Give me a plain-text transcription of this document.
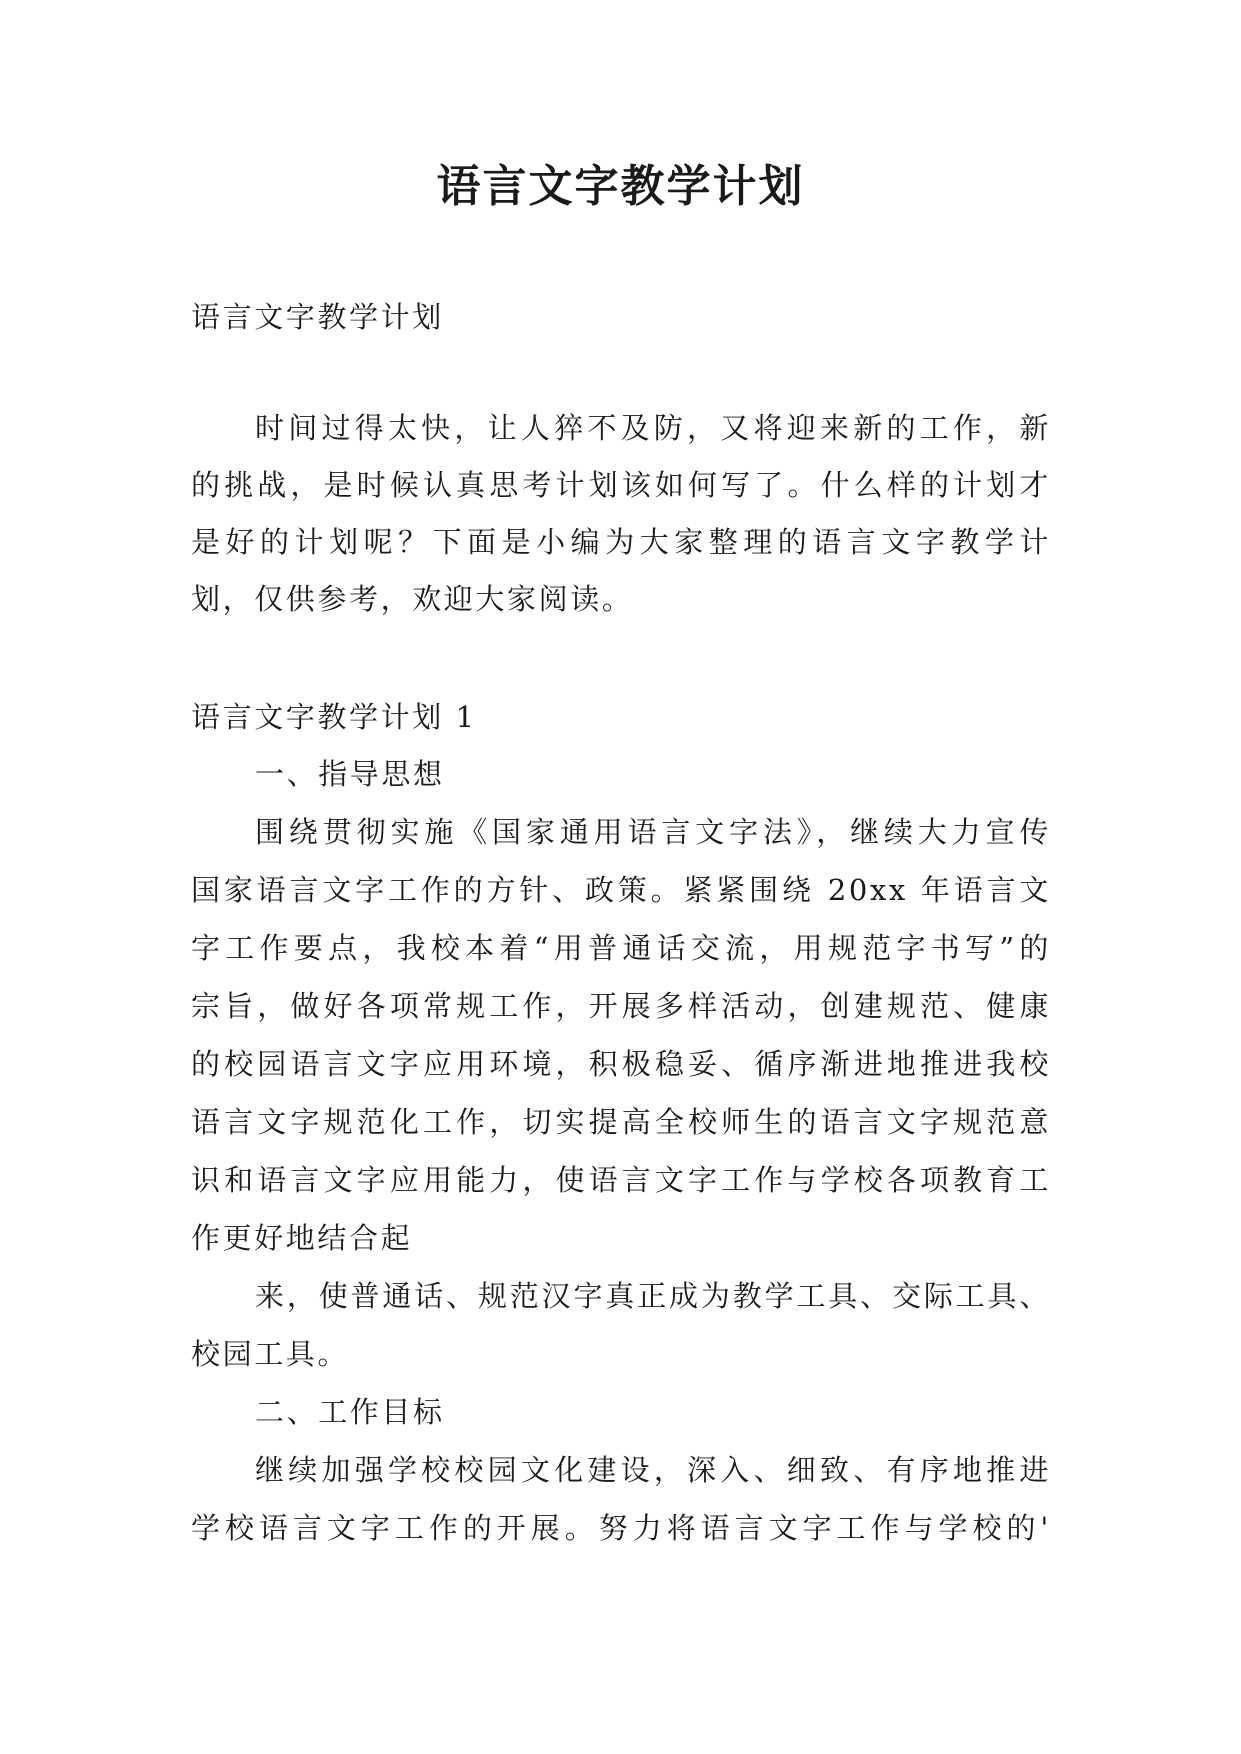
语言文字教学计划
语言文字教学计划
时间过得太快，让人猝不及防，又将迎来新的工作，新
的挑战，是时候认真思考计划该如何写了。什么样的计划才
是好的计划呢？下面是小编为大家整理的语言文字教学计
划，仅供参考，欢迎大家阅读。
语言文字教学计划 1
一、指导思想
围绕贯彻实施《国家通用语言文字法》，继续大力宣传
国家语言文字工作的方针、政策。紧紧围绕 20xx 年语言文
字工作要点，我校本着“用普通话交流，用规范字书写”的
宗旨，做好各项常规工作，开展多样活动，创建规范、健康
的校园语言文字应用环境，积极稳妥、循序渐进地推进我校
语言文字规范化工作，切实提高全校师生的语言文字规范意
识和语言文字应用能力，使语言文字工作与学校各项教育工
作更好地结合起
来，使普通话、规范汉字真正成为教学工具、交际工具、
校园工具。
二、工作目标
继续加强学校校园文化建设，深入、细致、有序地推进
学校语言文字工作的开展。努力将语言文字工作与学校的'
